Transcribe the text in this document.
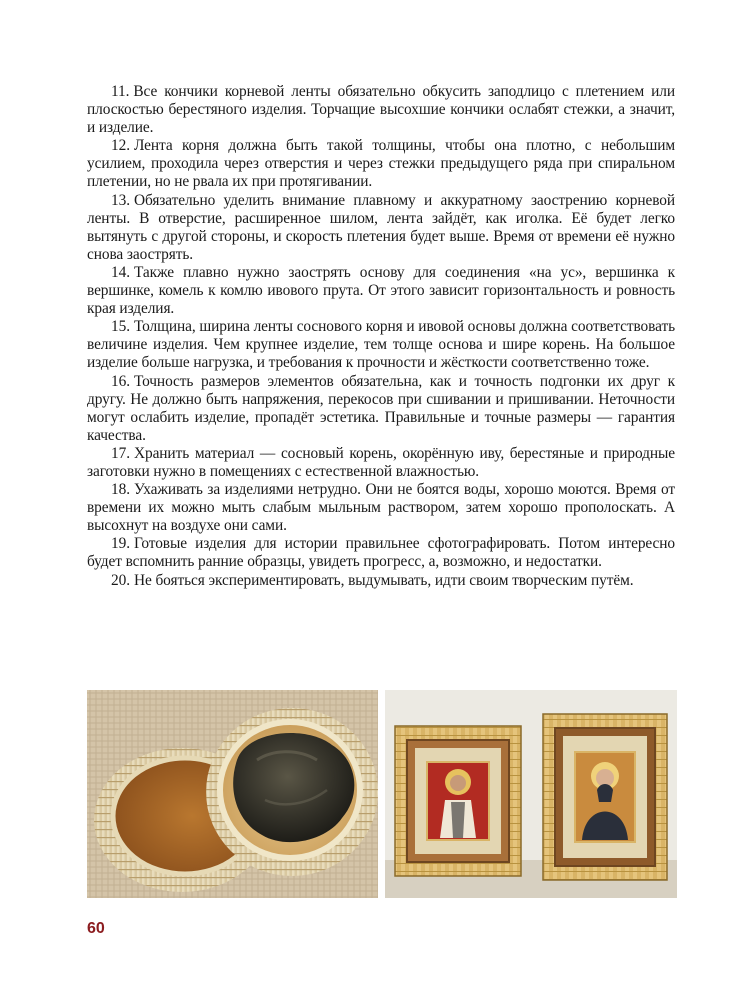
11. Все кончики корневой ленты обязательно обкусить заподлицо с плетением или плоскостью берестяного изделия. Торчащие высохшие кончики ослабят стежки, а значит, и изделие.

12. Лента корня должна быть такой толщины, чтобы она плотно, с небольшим усилием, проходила через отверстия и через стежки предыдущего ряда при спиральном плетении, но не рвала их при протягивании.

13. Обязательно уделить внимание плавному и аккуратному заострению корневой ленты. В отверстие, расширенное шилом, лента зайдёт, как иголка. Её будет легко вытянуть с другой стороны, и скорость плетения будет выше. Время от времени её нужно снова заострять.

14. Также плавно нужно заострять основу для соединения «на ус», вершинка к вершинке, комель к комлю ивового прута. От этого зависит горизонтальность и ровность края изделия.

15. Толщина, ширина ленты соснового корня и ивовой основы должна соответствовать величине изделия. Чем крупнее изделие, тем толще основа и шире корень. На большое изделие больше нагрузка, и требования к прочности и жёсткости соответственно тоже.

16. Точность размеров элементов обязательна, как и точность подгонки их друг к другу. Не должно быть напряжения, перекосов при сшивании и пришивании. Неточности могут ослабить изделие, пропадёт эстетика. Правильные и точные размеры — гарантия качества.

17. Хранить материал — сосновый корень, окорённую иву, берестяные и природные заготовки нужно в помещениях с естественной влажностью.

18. Ухаживать за изделиями нетрудно. Они не боятся воды, хорошо моются. Время от времени их можно мыть слабым мыльным раствором, затем хорошо прополоскать. А высохнут на воздухе они сами.

19. Готовые изделия для истории правильнее сфотографировать. Потом интересно будет вспомнить ранние образцы, увидеть прогресс, а, возможно, и недостатки.

20. Не бояться экспериментировать, выдумывать, идти своим творческим путём.

60
